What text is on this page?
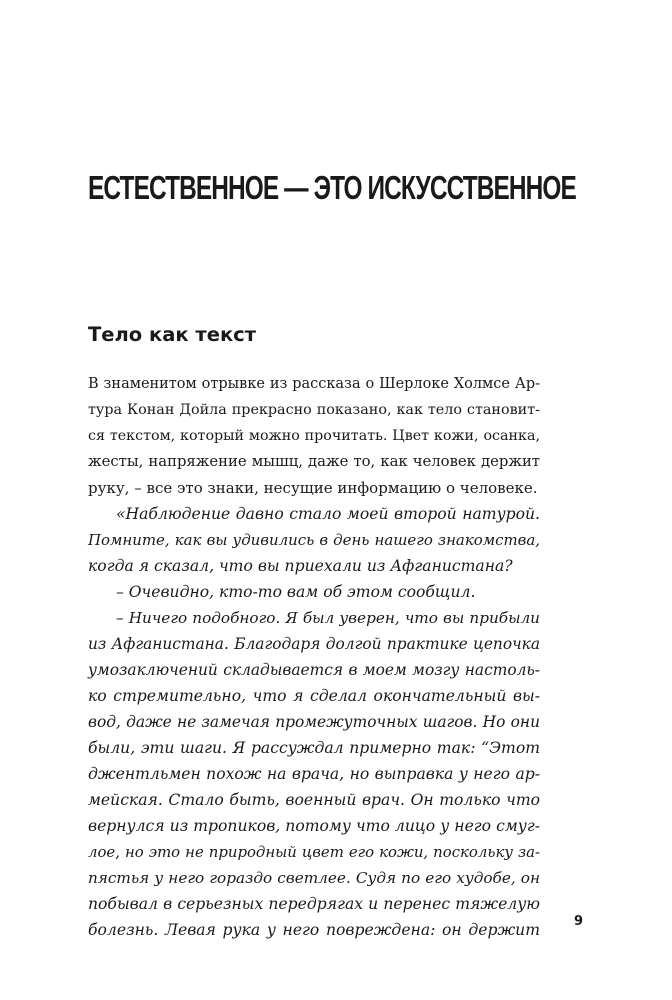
ЕСТЕСТВЕННОЕ — ЭТО ИСКУССТВЕННОЕ
Тело как текст
В знаменитом отрывке из рассказа о Шерлоке Холмсе Ар-
тура Конан Дойла прекрасно показано, как тело становит-
ся текстом, который можно прочитать. Цвет кожи, осанка,
жесты, напряжение мышц, даже то, как человек держит
руку, – все это знаки, несущие информацию о человеке.
«Наблюдение давно стало моей второй натурой.
Помните, как вы удивились в день нашего знакомства,
когда я сказал, что вы приехали из Афганистана?
– Очевидно, кто-то вам об этом сообщил.
– Ничего подобного. Я был уверен, что вы прибыли
из Афганистана. Благодаря долгой практике цепочка
умозаключений складывается в моем мозгу настоль-
ко стремительно, что я сделал окончательный вы-
вод, даже не замечая промежуточных шагов. Но они
были, эти шаги. Я рассуждал примерно так: “Этот
джентльмен похож на врача, но выправка у него ар-
мейская. Стало быть, военный врач. Он только что
вернулся из тропиков, потому что лицо у него смуг-
лое, но это не природный цвет его кожи, поскольку за-
пястья у него гораздо светлее. Судя по его худобе, он
побывал в серьезных передрягах и перенес тяжелую
болезнь. Левая рука у него повреждена: он держит	9
